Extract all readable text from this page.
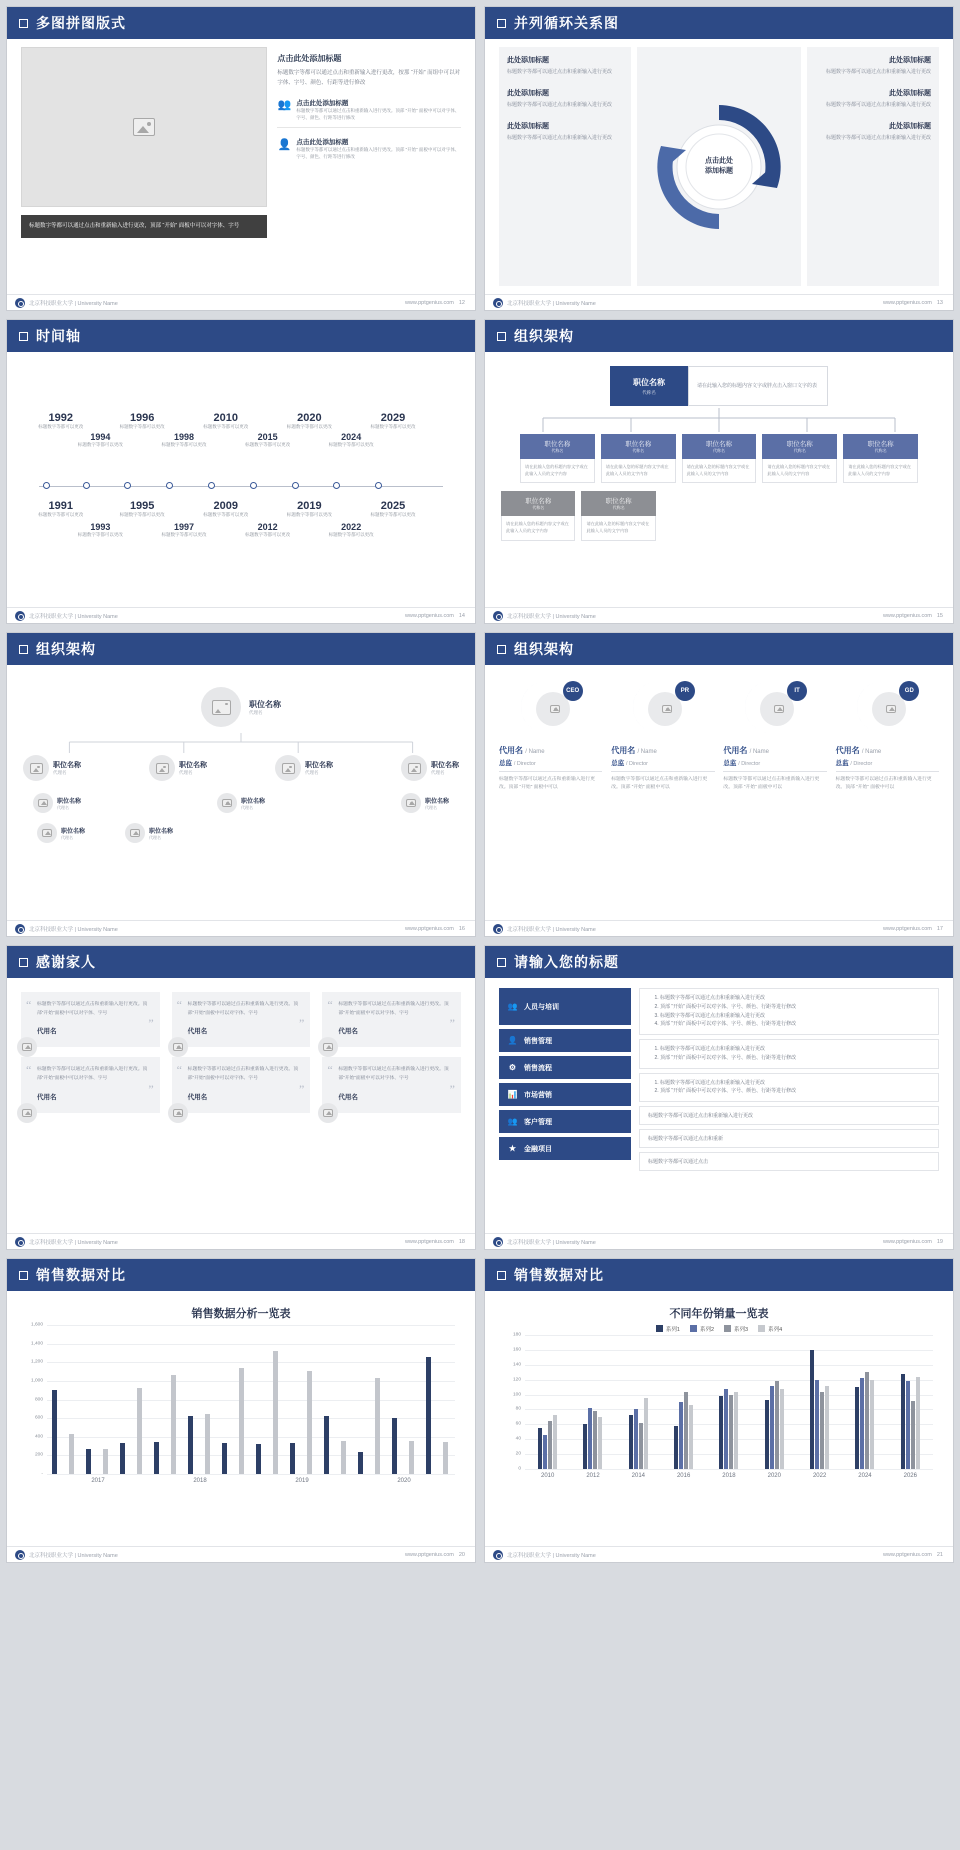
多图拼图版式
标题数字等都可以通过点击和重新输入进行更改，顶部 “开始” 面板中可以对字体、字号
点击此处添加标题
标题数字等都可以通过点击和重新输入进行更改，按那 “开始” 而组中可以对字体、字号、颜色、行距等进行修改
👥 点击此处添加标题
标题数字等都可以通过点击和重新输入进行更改。顶部 “开始” 面板中可以对字体、字号、颜色、行距等进行修改
👤 点击此处添加标题
标题数字等都可以通过点击和重新输入进行更改。顶部 “开始” 面板中可以对字体、字号、颜色、行距等进行修改
北京科技职业大学 | University Name	www.pptgenius.com 12
并列循环关系图
此处添加标题
标题数字等都可以通过点击和重新输入进行更改
此处添加标题
标题数字等都可以通过点击和重新输入进行更改
此处添加标题
标题数字等都可以通过点击和重新输入进行更改
点击此处
添加标题
此处添加标题
标题数字等都可以通过点击和重新输入进行更改
此处添加标题
标题数字等都可以通过点击和重新输入进行更改
此处添加标题
标题数字等都可以通过点击和重新输入进行更改
北京科技职业大学 | University Name	www.pptgenius.com 13
时间轴
1992
标题数字等都可以更改
1994
标题数字等都可以更改
1996
标题数字等都可以更改
1998
标题数字等都可以更改
2010
标题数字等都可以更改
2015
标题数字等都可以更改
2020
标题数字等都可以更改
2024
标题数字等都可以更改
2029
标题数字等都可以更改
1991
标题数字等都可以更改
1993
标题数字等都可以更改
1995
标题数字等都可以更改
1997
标题数字等都可以更改
2009
标题数字等都可以更改
2012
标题数字等都可以更改
2019
标题数字等都可以更改
2022
标题数字等都可以更改
2025
标题数字等都可以更改
北京科技职业大学 | University Name	www.pptgenius.com 14
组织架构
职位名称
代称名
请在此输入您的标题内容文字或胖点击入窗口文字的表
职位名称
代称名
请在此输入您的标题内容文字或在此输入人员的文字内容
职位名称
代称名
请在此输入您的标题内容文字或在此输入人员的文字内容
职位名称
代称名
请在此输入您的标题内容文字或在此输入人员的文字内容
职位名称
代称名
请在此输入您的标题内容文字或在此输入人员的文字内容
职位名称
代称名
请在此输入您的标题内容文字或在此输入人员的文字内容
职位名称
代称名
请在此输入您的标题内容文字或在此输入人员的文字内容
职位名称
代称名
请在此输入您的标题内容文字或在此输入人员的文字内容
北京科技职业大学 | University Name	www.pptgenius.com 15
组织架构
职位名称
代理名
职位名称
代理名
职位名称
代理名
职位名称
代理名
职位名称
代理名
职位名称
代理名
职位名称
代理名
职位名称
代理名
职位名称
代理名
职位名称
代理名
北京科技职业大学 | University Name	www.pptgenius.com 16
组织架构
CEO
代用名 / Name
总监 / Director
标题数字等都可以通过点击和重新输入进行更改。顶部 “开始” 面板中可以
PR
代用名 / Name
总监 / Director
标题数字等都可以通过点击和重新输入进行更改。顶部 “开始” 面板中可以
IT
代用名 / Name
总监 / Director
标题数字等都可以通过点击和重新输入进行更改。顶部 “开始” 面板中可以
GD
代用名 / Name
总监 / Director
标题数字等都可以通过点击和重新输入进行更改。顶部 “开始” 面板中可以
北京科技职业大学 | University Name	www.pptgenius.com 17
感谢家人
“
”

标题数字等都可以通过点击和重新输入进行更改。顶部“开始”面板中可以对字体、字号

代用名
“
”

标题数字等都可以通过点击和重新输入进行更改。顶部“开始”面板中可以对字体、字号

代用名
“
”

标题数字等都可以通过点击和重新输入进行更改。顶部“开始”面板中可以对字体、字号

代用名
“
”

标题数字等都可以通过点击和重新输入进行更改。顶部“开始”面板中可以对字体、字号

代用名
“
”

标题数字等都可以通过点击和重新输入进行更改。顶部“开始”面板中可以对字体、字号

代用名
“
”

标题数字等都可以通过点击和重新输入进行更改。顶部“开始”面板中可以对字体、字号

代用名
北京科技职业大学 | University Name	www.pptgenius.com 18
请输入您的标题
👥 人员与培训
👤 销售管理
⚙ 销售流程
📊 市场营销
👥 客户管理
★ 金融项目
1. 标题数字等都可以通过点击和重新输入进行更改
2. 顶部 “开始” 面板中可以对字体、字号、颜色、行距等进行修改
3. 标题数字等都可以通过点击和重新输入进行更改
4. 顶部 “开始” 面板中可以对字体、字号、颜色、行距等进行修改
1. 标题数字等都可以通过点击和重新输入进行更改
2. 顶部 “开始” 面板中可以对字体、字号、颜色、行距等进行修改
1. 标题数字等都可以通过点击和重新输入进行更改
2. 顶部 “开始” 面板中可以对字体、字号、颜色、行距等进行修改

标题数字等都可以通过点击和重新输入进行更改

标题数字等都可以通过点击和重新

标题数字等都可以通过点击

北京科技职业大学 | University Name	www.pptgenius.com 19
销售数据对比
销售数据分析一览表
-
200
400
600
800
1,000
1,200
1,400
1,600
2017	2018	2019	2020
北京科技职业大学 | University Name	www.pptgenius.com 20
销售数据对比
不同年份销量一览表
系列1	系列2	系列3	系列4
0
20
40
60
80
100
120
140
160
180
2010	2012	2014	2016	2018	2020	2022	2024	2026
北京科技职业大学 | University Name	www.pptgenius.com 21
